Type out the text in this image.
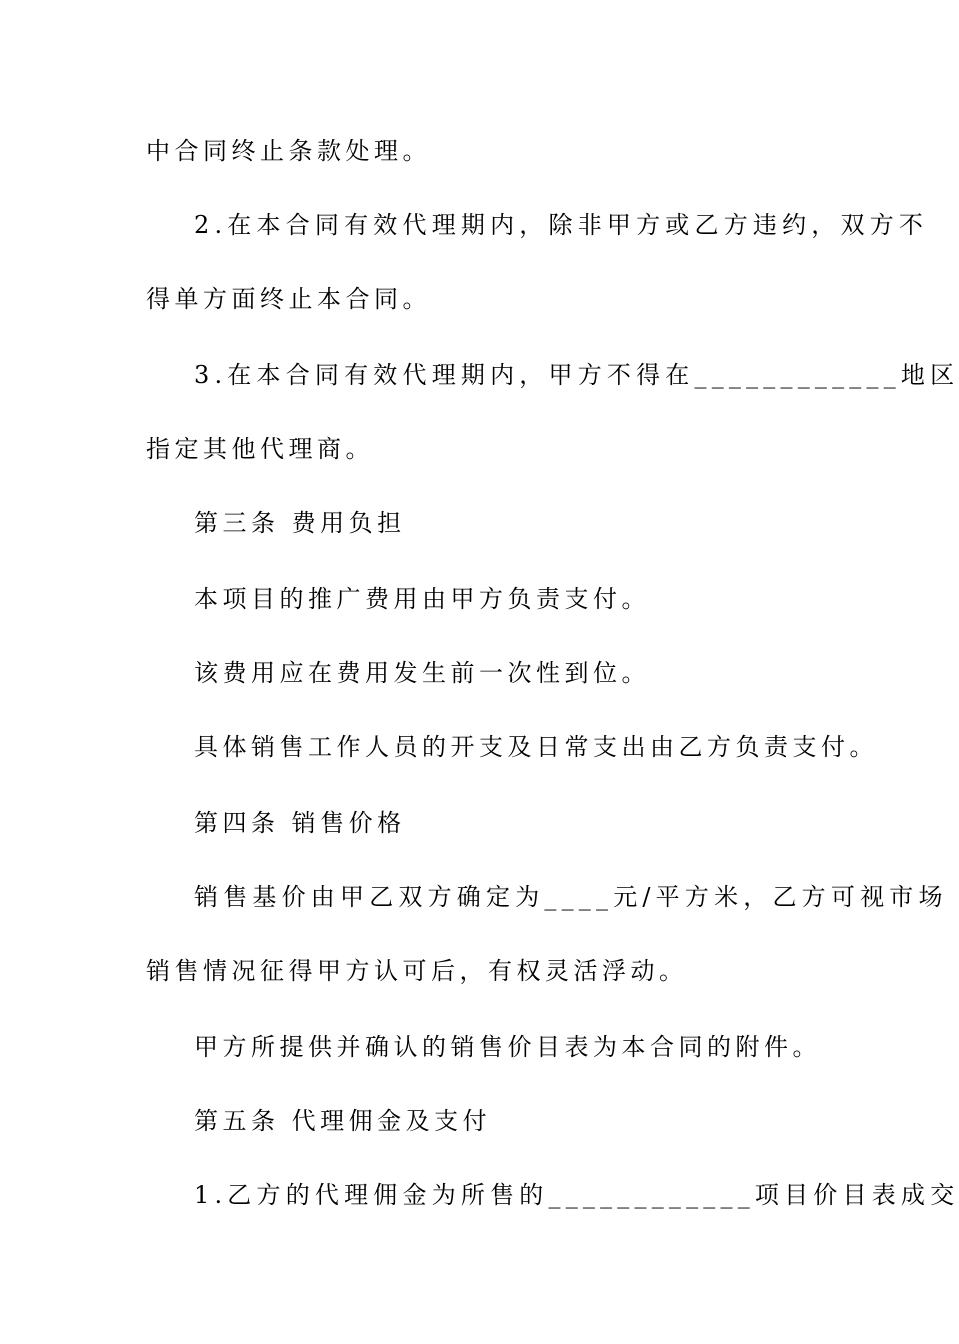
中合同终止条款处理。
2.在本合同有效代理期内，除非甲方或乙方违约，双方不
得单方面终止本合同。
3.在本合同有效代理期内，甲方不得在____________地区
指定其他代理商。
第三条 费用负担
本项目的推广费用由甲方负责支付。
该费用应在费用发生前一次性到位。
具体销售工作人员的开支及日常支出由乙方负责支付。
第四条 销售价格
销售基价由甲乙双方确定为____元/平方米，乙方可视市场
销售情况征得甲方认可后，有权灵活浮动。
甲方所提供并确认的销售价目表为本合同的附件。
第五条 代理佣金及支付
1.乙方的代理佣金为所售的____________项目价目表成交
